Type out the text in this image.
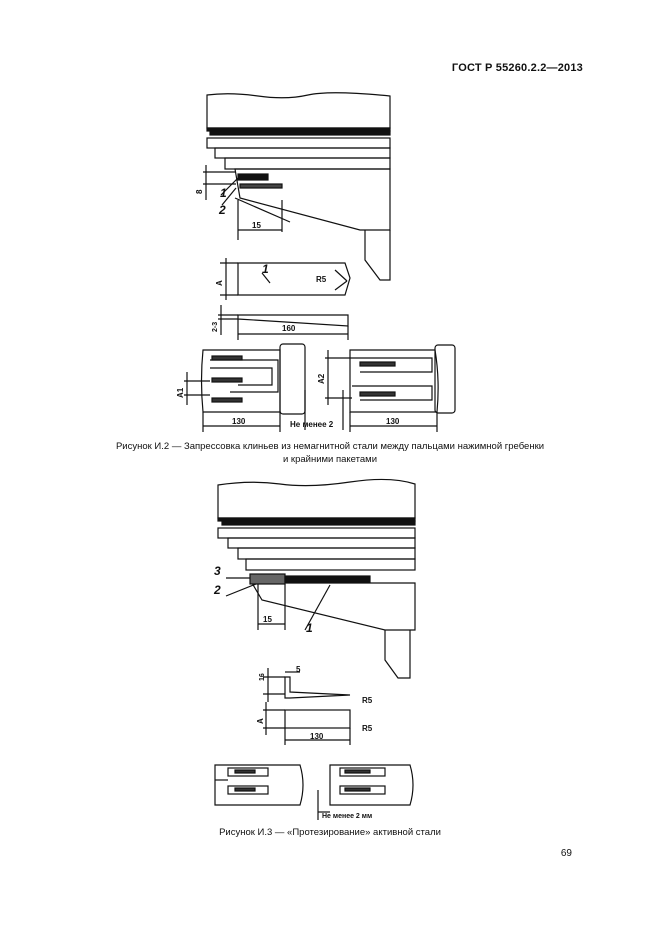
ГОСТ Р 55260.2.2—2013
1
2
1
8
15
A	R5
2-3	160
A1
A2
130	130
Не менее 2
3
2
1
15
16
5
R5
A
R5
130
Не менее 2 мм
Рисунок И.2 — Запрессовка клиньев из немагнитной стали между пальцами нажимной гребенки
и крайними пакетами
Рисунок И.3 — «Протезирование» активной стали
69
